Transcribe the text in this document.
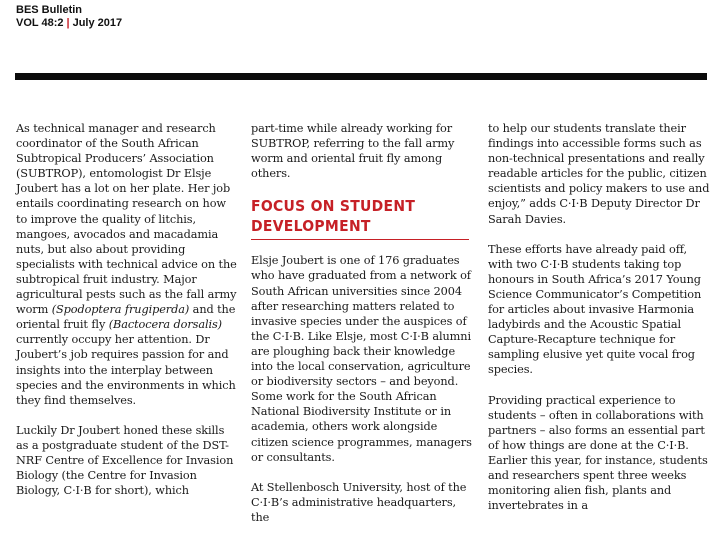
BES Bulletin
VOL 48:2 | July 2017

As technical manager and research coordinator of the South African Subtropical Producers’ Association (SUBTROP), entomologist Dr Elsje Joubert has a lot on her plate. Her job entails coordinating research on how to improve the quality of litchis, mangoes, avocados and macadamia nuts, but also about providing specialists with technical advice on the subtropical fruit industry. Major agricultural pests such as the fall army worm (Spodoptera frugiperda) and the oriental fruit fly (Bactocera dorsalis) currently occupy her attention. Dr Joubert’s job requires passion for and insights into the interplay between species and the environments in which they find themselves.

Luckily Dr Joubert honed these skills as a postgraduate student of the DST-NRF Centre of Excellence for Invasion Biology (the Centre for Invasion Biology, C·I·B for short), which

part-time while already working for SUBTROP, referring to the fall army worm and oriental fruit fly among others.

FOCUS ON STUDENT DEVELOPMENT

Elsje Joubert is one of 176 graduates who have graduated from a network of South African universities since 2004 after researching matters related to invasive species under the auspices of the C·I·B. Like Elsje, most C·I·B alumni are ploughing back their knowledge into the local conservation, agriculture or biodiversity sectors – and beyond. Some work for the South African National Biodiversity Institute or in academia, others work alongside citizen science programmes, managers or consultants.

At Stellenbosch University, host of the C·I·B’s administrative headquarters, the

to help our students translate their findings into accessible forms such as non-technical presentations and really readable articles for the public, citizen scientists and policy makers to use and enjoy,” adds C·I·B Deputy Director Dr Sarah Davies.

These efforts have already paid off, with two C·I·B students taking top honours in South Africa’s 2017 Young Science Communicator’s Competition for articles about invasive Harmonia ladybirds and the Acoustic Spatial Capture-Recapture technique for sampling elusive yet quite vocal frog species.

Providing practical experience to students – often in collaborations with partners – also forms an essential part of how things are done at the C·I·B. Earlier this year, for instance, students and researchers spent three weeks monitoring alien fish, plants and invertebrates in a
